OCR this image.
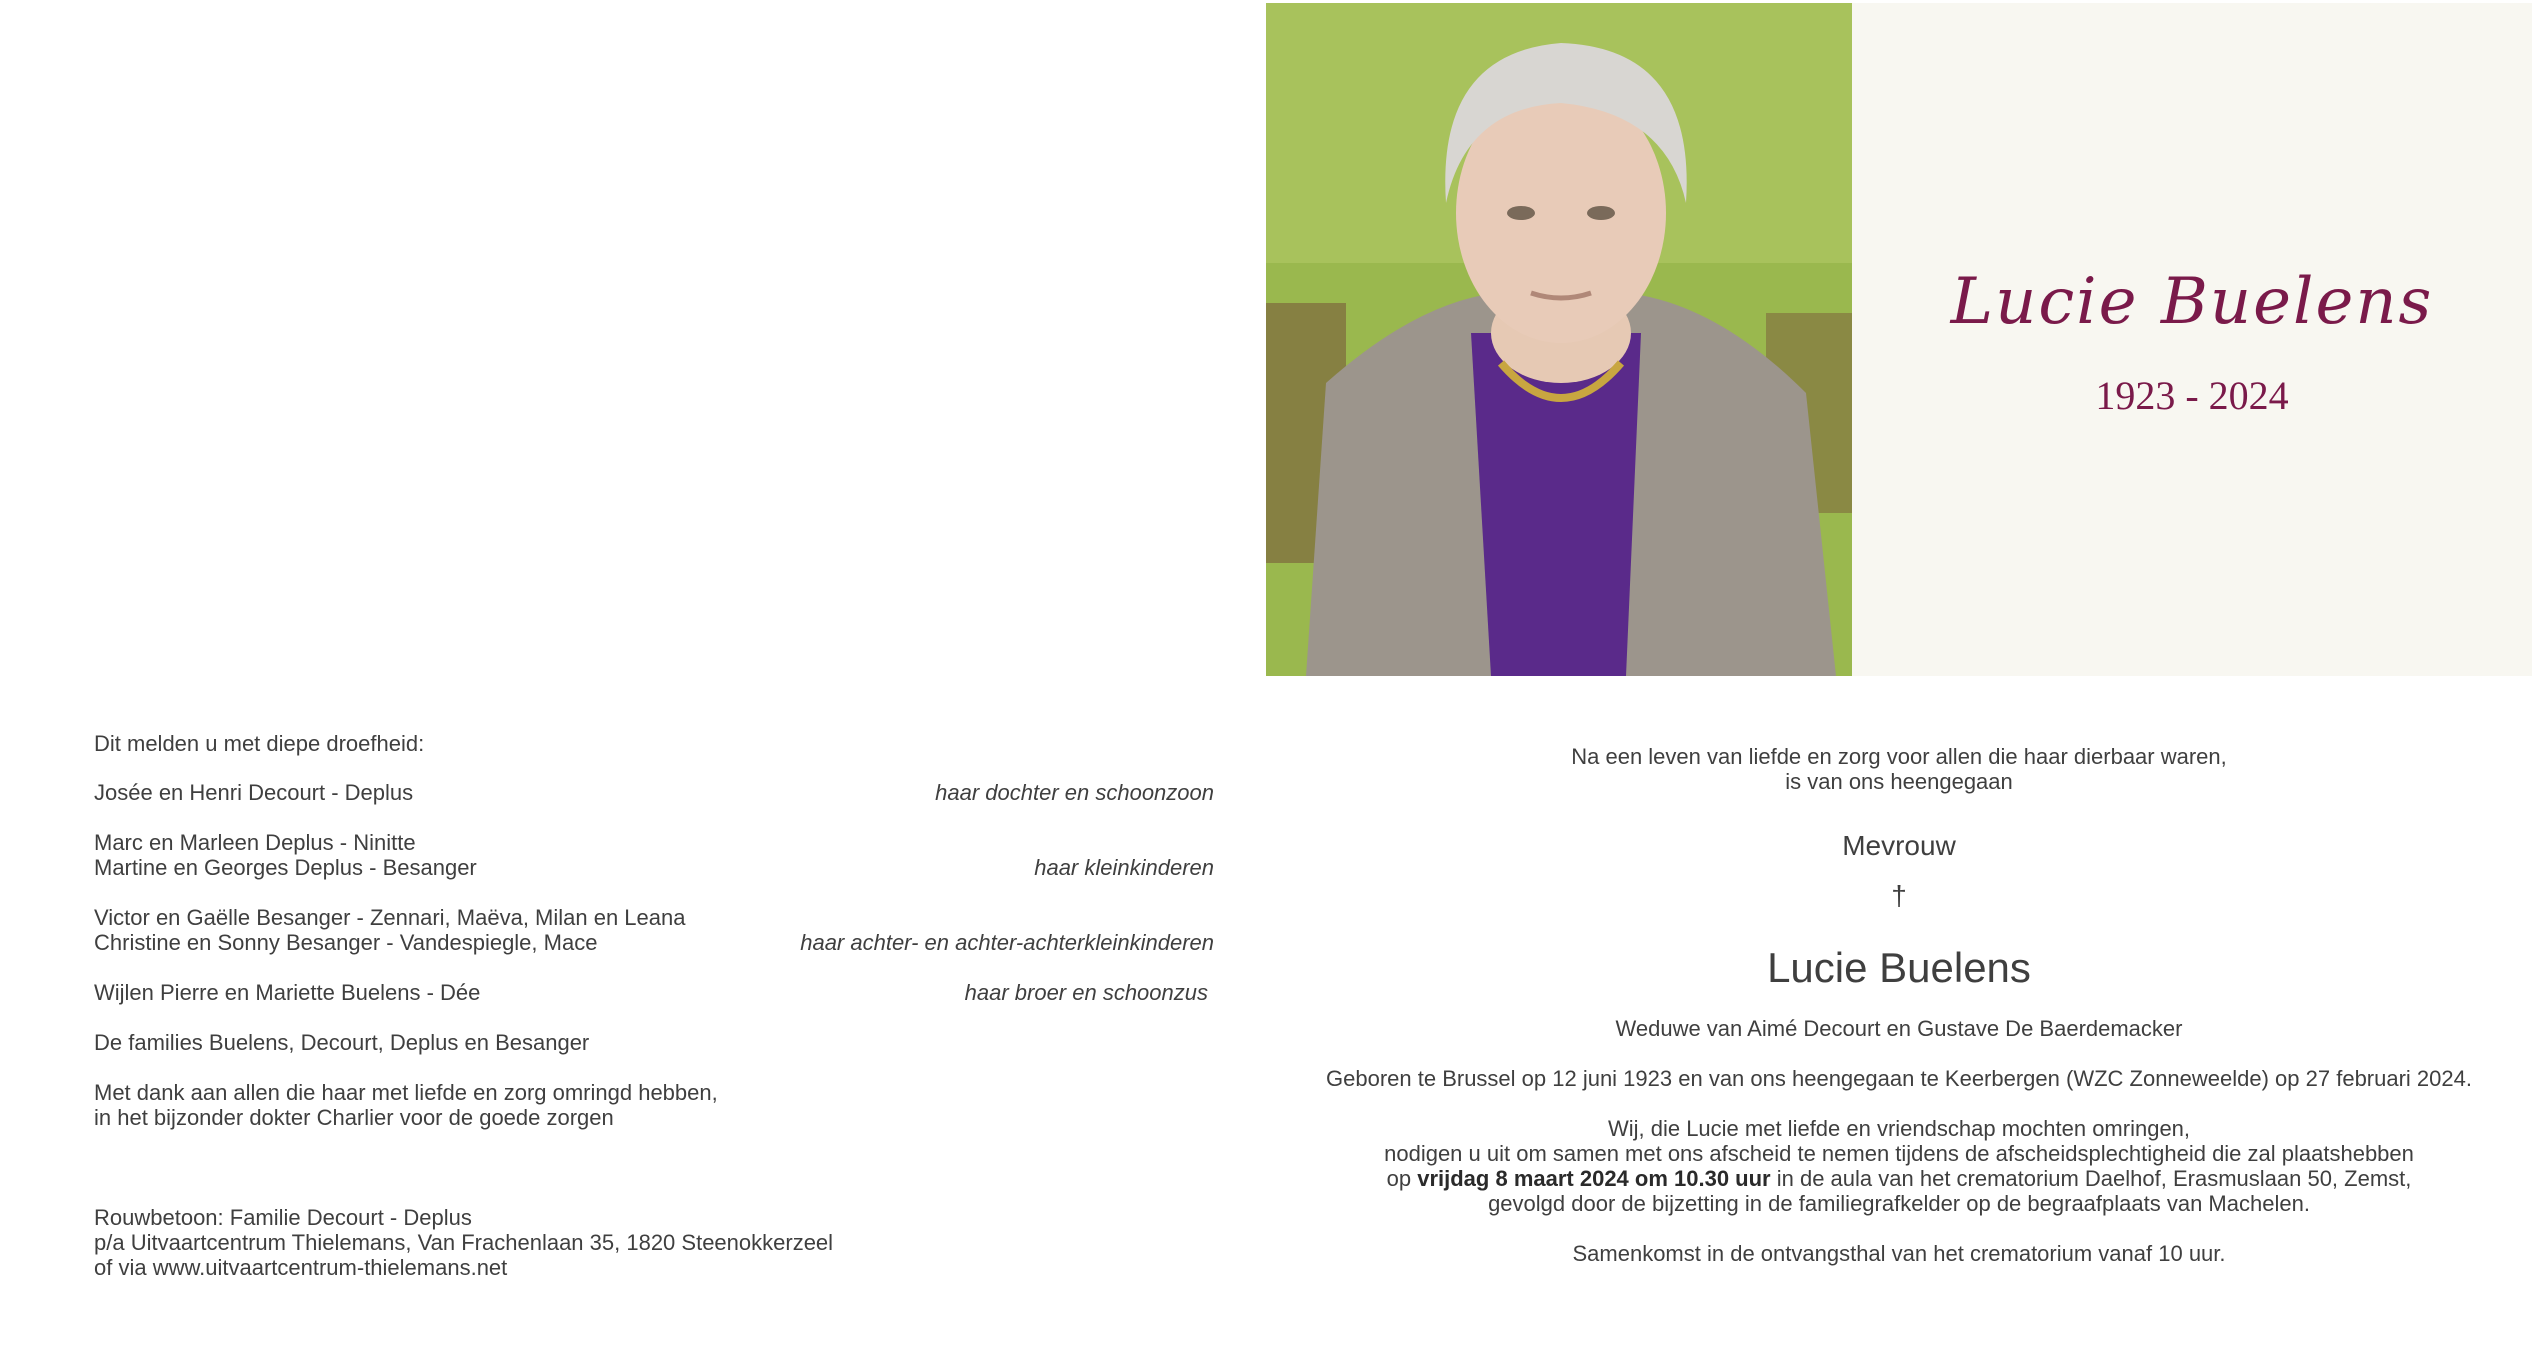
Lucie Buelens
1923 - 2024
Dit melden u met diepe droefheid:
Josée en Henri Decourt - Deplus	haar dochter en schoonzoon
Marc en Marleen Deplus - Ninitte
Martine en Georges Deplus - Besanger	haar kleinkinderen
Victor en Gaëlle Besanger - Zennari, Maëva, Milan en Leana
Christine en Sonny Besanger - Vandespiegle, Mace	haar achter- en achter-achterkleinkinderen
Wijlen Pierre en Mariette Buelens - Dée	haar broer en schoonzus
De families Buelens, Decourt, Deplus en Besanger
Met dank aan allen die haar met liefde en zorg omringd hebben,
in het bijzonder dokter Charlier voor de goede zorgen
Rouwbetoon: Familie Decourt - Deplus
p/a Uitvaartcentrum Thielemans, Van Frachenlaan 35, 1820 Steenokkerzeel
of via www.uitvaartcentrum-thielemans.net
Na een leven van liefde en zorg voor allen die haar dierbaar waren,
is van ons heengegaan
Mevrouw
†
Lucie Buelens
Weduwe van Aimé Decourt en Gustave De Baerdemacker
Geboren te Brussel op 12 juni 1923 en van ons heengegaan te Keerbergen (WZC Zonneweelde) op 27 februari 2024.
Wij, die Lucie met liefde en vriendschap mochten omringen,
nodigen u uit om samen met ons afscheid te nemen tijdens de afscheidsplechtigheid die zal plaatshebben
op vrijdag 8 maart 2024 om 10.30 uur in de aula van het crematorium Daelhof, Erasmuslaan 50, Zemst,
gevolgd door de bijzetting in de familiegrafkelder op de begraafplaats van Machelen.
Samenkomst in de ontvangsthal van het crematorium vanaf 10 uur.
